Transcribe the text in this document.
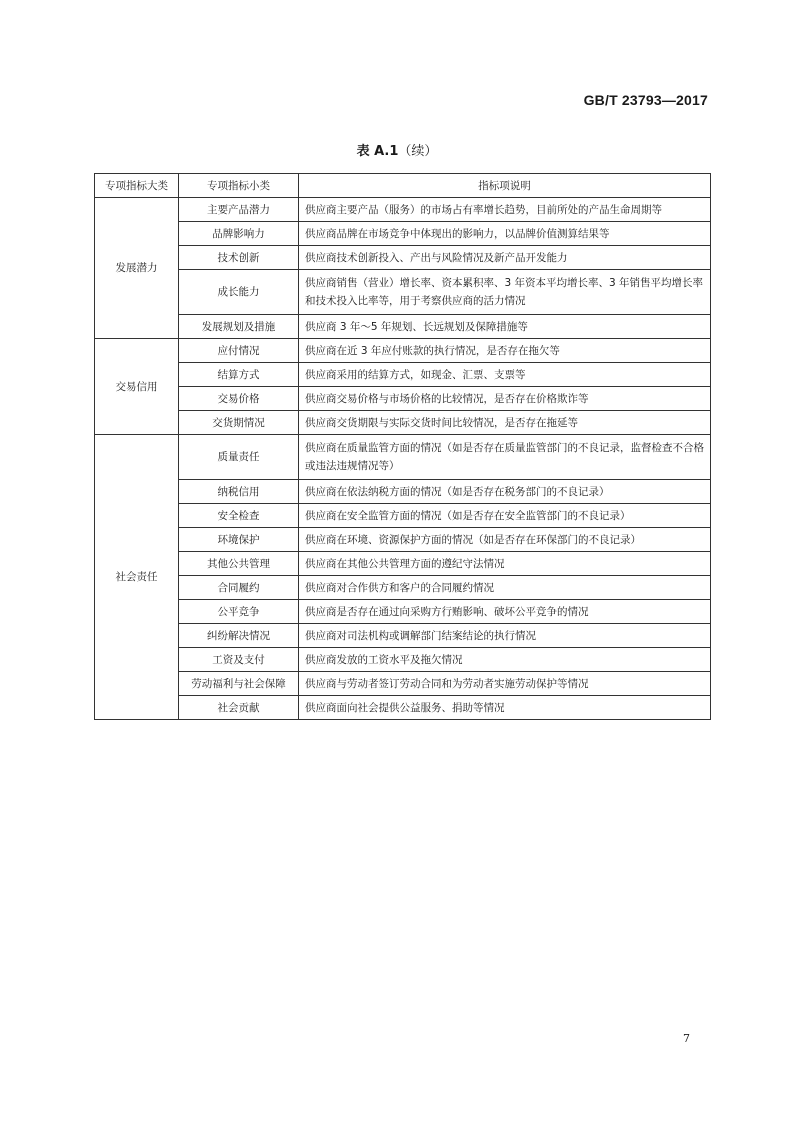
GB/T 23793—2017
表 A.1（续）
专项指标大类	专项指标小类	指标项说明
发展潜力	主要产品潜力	供应商主要产品（服务）的市场占有率增长趋势，目前所处的产品生命周期等
	品牌影响力	供应商品牌在市场竞争中体现出的影响力，以品牌价值测算结果等
	技术创新	供应商技术创新投入、产出与风险情况及新产品开发能力
	成长能力	供应商销售（营业）增长率、资本累积率、3 年资本平均增长率、3 年销售平均增长率和技术投入比率等，用于考察供应商的活力情况
	发展规划及措施	供应商 3 年～5 年规划、长远规划及保障措施等
交易信用	应付情况	供应商在近 3 年应付账款的执行情况，是否存在拖欠等
	结算方式	供应商采用的结算方式，如现金、汇票、支票等
	交易价格	供应商交易价格与市场价格的比较情况，是否存在价格欺诈等
	交货期情况	供应商交货期限与实际交货时间比较情况，是否存在拖延等
社会责任	质量责任	供应商在质量监管方面的情况（如是否存在质量监管部门的不良记录，监督检查不合格或违法违规情况等）
	纳税信用	供应商在依法纳税方面的情况（如是否存在税务部门的不良记录）
	安全检查	供应商在安全监管方面的情况（如是否存在安全监管部门的不良记录）
	环境保护	供应商在环境、资源保护方面的情况（如是否存在环保部门的不良记录）
	其他公共管理	供应商在其他公共管理方面的遵纪守法情况
	合同履约	供应商对合作供方和客户的合同履约情况
	公平竞争	供应商是否存在通过向采购方行贿影响、破坏公平竞争的情况
	纠纷解决情况	供应商对司法机构或调解部门结案结论的执行情况
	工资及支付	供应商发放的工资水平及拖欠情况
	劳动福利与社会保障	供应商与劳动者签订劳动合同和为劳动者实施劳动保护等情况
	社会贡献	供应商面向社会提供公益服务、捐助等情况
7
